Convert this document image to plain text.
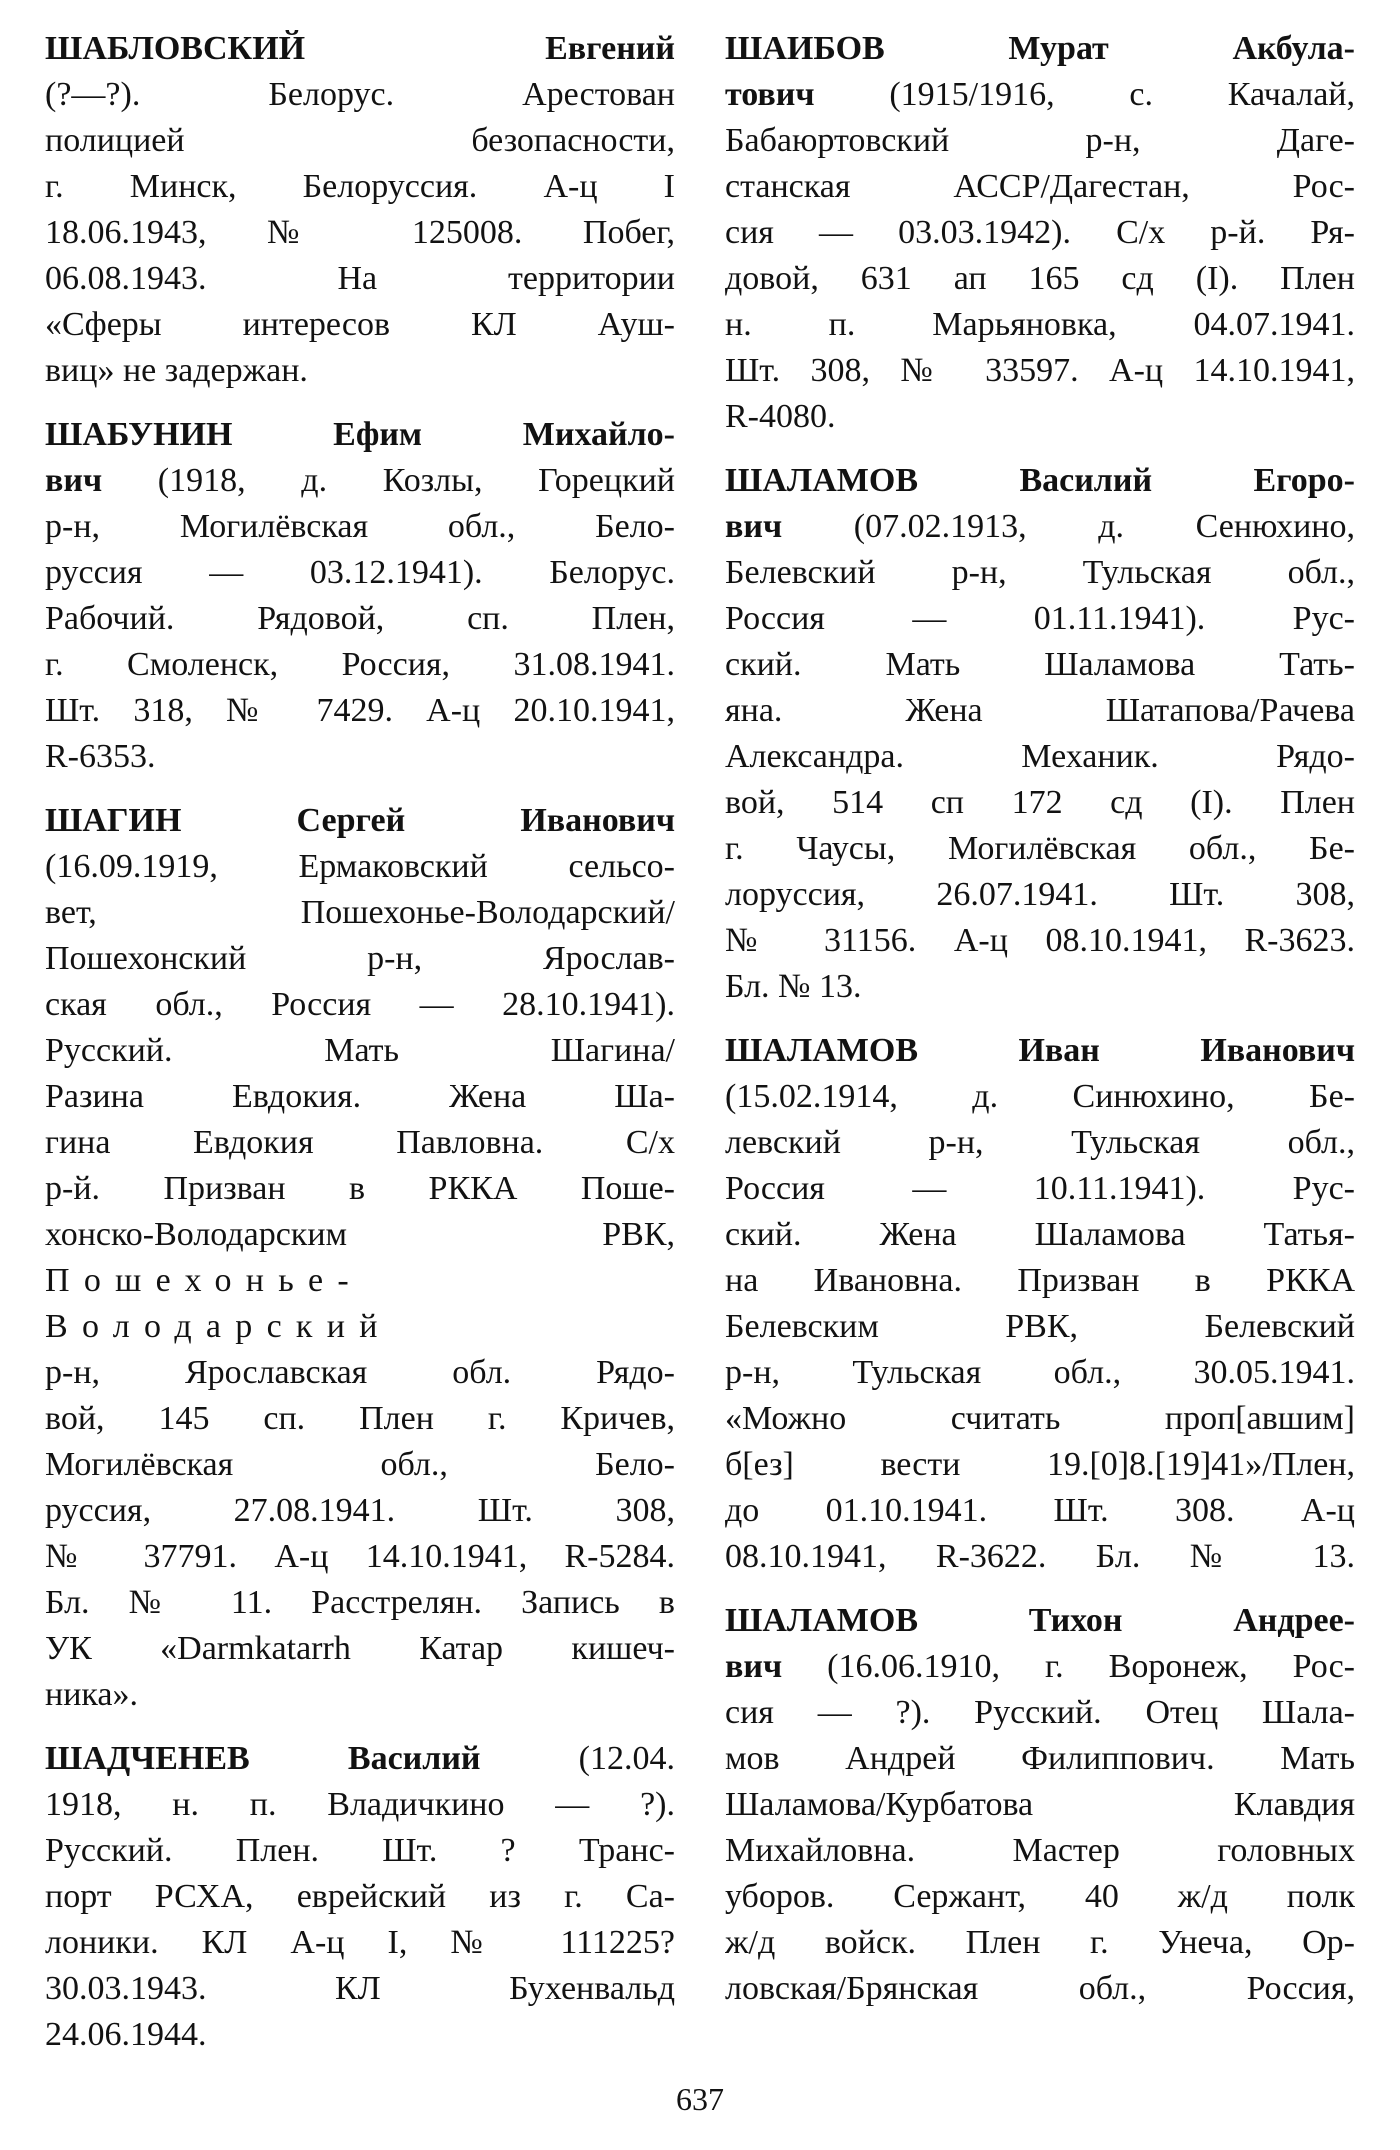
ШАБЛОВСКИЙ Евгений
(?—?). Белорус. Арестован
полицией безопасности,
г. Минск, Белоруссия. А-ц I
18.06.1943, № 125008. Побег,
06.08.1943. На территории
«Сферы интересов КЛ Ауш-
виц» не задержан.
ШАБУНИН Ефим Михайло-
вич (1918, д. Козлы, Горецкий
р-н, Могилёвская обл., Бело-
руссия — 03.12.1941). Белорус.
Рабочий. Рядовой, сп. Плен,
г. Смоленск, Россия, 31.08.1941.
Шт. 318, № 7429. А-ц 20.10.1941,
R-6353.
ШАГИН Сергей Иванович
(16.09.1919, Ермаковский сельсо-
вет, Пошехонье-Володарский/
Пошехонский р-н, Ярослав-
ская обл., Россия — 28.10.1941).
Русский. Мать Шагина/
Разина Евдокия. Жена Ша-
гина Евдокия Павловна. С/х
р-й. Призван в РККА Поше-
хонско-Володарским РВК,
Пошехонье-Володарский
р-н, Ярославская обл. Рядо-
вой, 145 сп. Плен г. Кричев,
Могилёвская обл., Бело-
руссия, 27.08.1941. Шт. 308,
№ 37791. А-ц 14.10.1941, R-5284.
Бл. № 11. Расстрелян. Запись в
УК «Darmkatarrh Катар кишеч-
ника».
ШАДЧЕНЕВ Василий (12.04.
1918, н. п. Владичкино — ?).
Русский. Плен. Шт. ? Транс-
порт РСХА, еврейский из г. Са-
лоники. КЛ А-ц I, № 111225?
30.03.1943. КЛ Бухенвальд
24.06.1944.
ШАИБОВ Мурат Акбула-
тович (1915/1916, с. Качалай,
Бабаюртовский р-н, Даге-
станская АССР/Дагестан, Рос-
сия — 03.03.1942). С/х р-й. Ря-
довой, 631 ап 165 сд (I). Плен
н. п. Марьяновка, 04.07.1941.
Шт. 308, № 33597. А-ц 14.10.1941,
R-4080.
ШАЛАМОВ Василий Егоро-
вич (07.02.1913, д. Сенюхино,
Белевский р-н, Тульская обл.,
Россия — 01.11.1941). Рус-
ский. Мать Шаламова Тать-
яна. Жена Шатапова/Рачева
Александра. Механик. Рядо-
вой, 514 сп 172 сд (I). Плен
г. Чаусы, Могилёвская обл., Бе-
лоруссия, 26.07.1941. Шт. 308,
№ 31156. А-ц 08.10.1941, R-3623.
Бл. № 13.
ШАЛАМОВ Иван Иванович
(15.02.1914, д. Синюхино, Бе-
левский р-н, Тульская обл.,
Россия — 10.11.1941). Рус-
ский. Жена Шаламова Татья-
на Ивановна. Призван в РККА
Белевским РВК, Белевский
р-н, Тульская обл., 30.05.1941.
«Можно считать проп[авшим]
б[ез] вести 19.[0]8.[19]41»/Плен,
до 01.10.1941. Шт. 308. А-ц
08.10.1941, R-3622. Бл. № 13.
ШАЛАМОВ Тихон Андрее-
вич (16.06.1910, г. Воронеж, Рос-
сия — ?). Русский. Отец Шала-
мов Андрей Филиппович. Мать
Шаламова/Курбатова Клавдия
Михайловна. Мастер головных
уборов. Сержант, 40 ж/д полк
ж/д войск. Плен г. Унеча, Ор-
ловская/Брянская обл., Россия,
637
